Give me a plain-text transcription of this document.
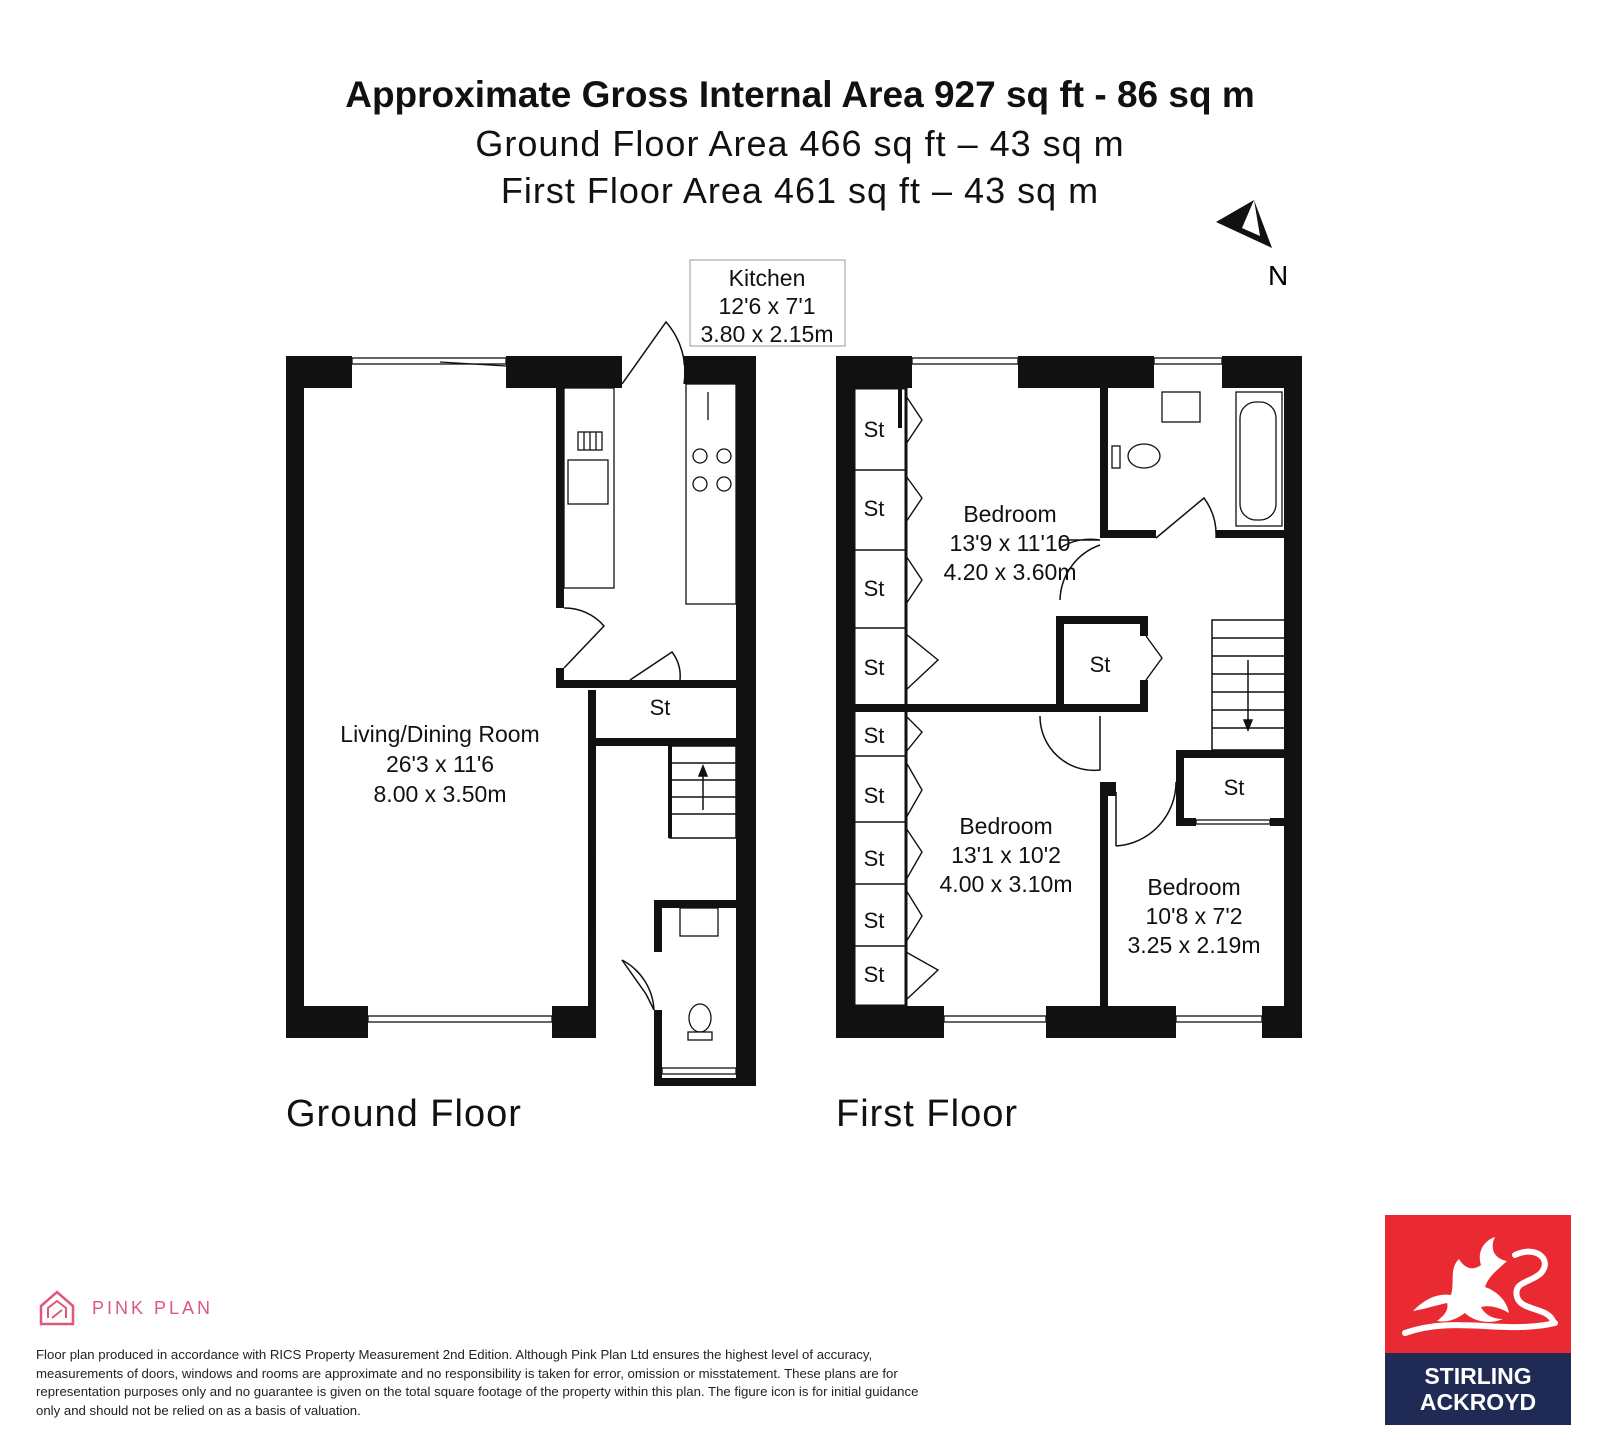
Approximate Gross Internal Area 927 sq ft - 86 sq m
Ground Floor Area 466 sq ft – 43 sq m
First Floor Area 461 sq ft – 43 sq m
N
St
Kitchen
12'6 x 7'1
3.80 x 2.15m
Living/Dining Room
26'3 x 11'6
8.00 x 3.50m
St
St
St
St
St
St
St
St
St
St
St
Bedroom
13'9 x 11'10
4.20 x 3.60m
Bedroom
13'1 x 10'2
4.00 x 3.10m	Bedroom
10'8 x 7'2
3.25 x 2.19m
Ground Floor	First Floor
PINK PLAN
Floor plan produced in accordance with RICS Property Measurement 2nd Edition. Although Pink Plan Ltd ensures the highest level of accuracy, measurements of doors, windows and rooms are approximate and no responsibility is taken for error, omission or misstatement. These plans are for representation purposes only and no guarantee is given on the total square footage of the property within this plan. The figure icon is for initial guidance only and should not be relied on as a basis of valuation.
STIRLING
ACKROYD
